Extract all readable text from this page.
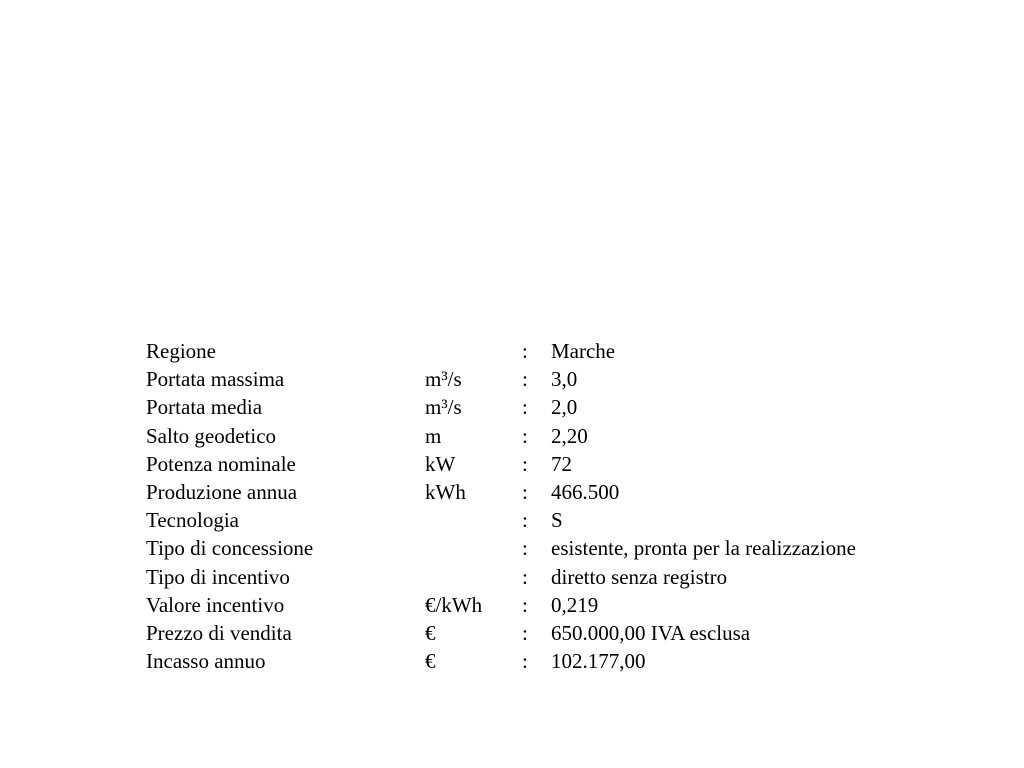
Regione		:	Marche
Portata massima	m³/s	:	3,0
Portata media	m³/s	:	2,0
Salto geodetico	m	:	2,20
Potenza nominale	kW	:	72
Produzione annua	kWh	:	466.500
Tecnologia		:	S
Tipo di concessione		:	esistente, pronta per la realizzazione
Tipo di incentivo		:	diretto senza registro
Valore incentivo	€/kWh	:	0,219
Prezzo di vendita	€	:	650.000,00 IVA esclusa
Incasso annuo	€	:	102.177,00
